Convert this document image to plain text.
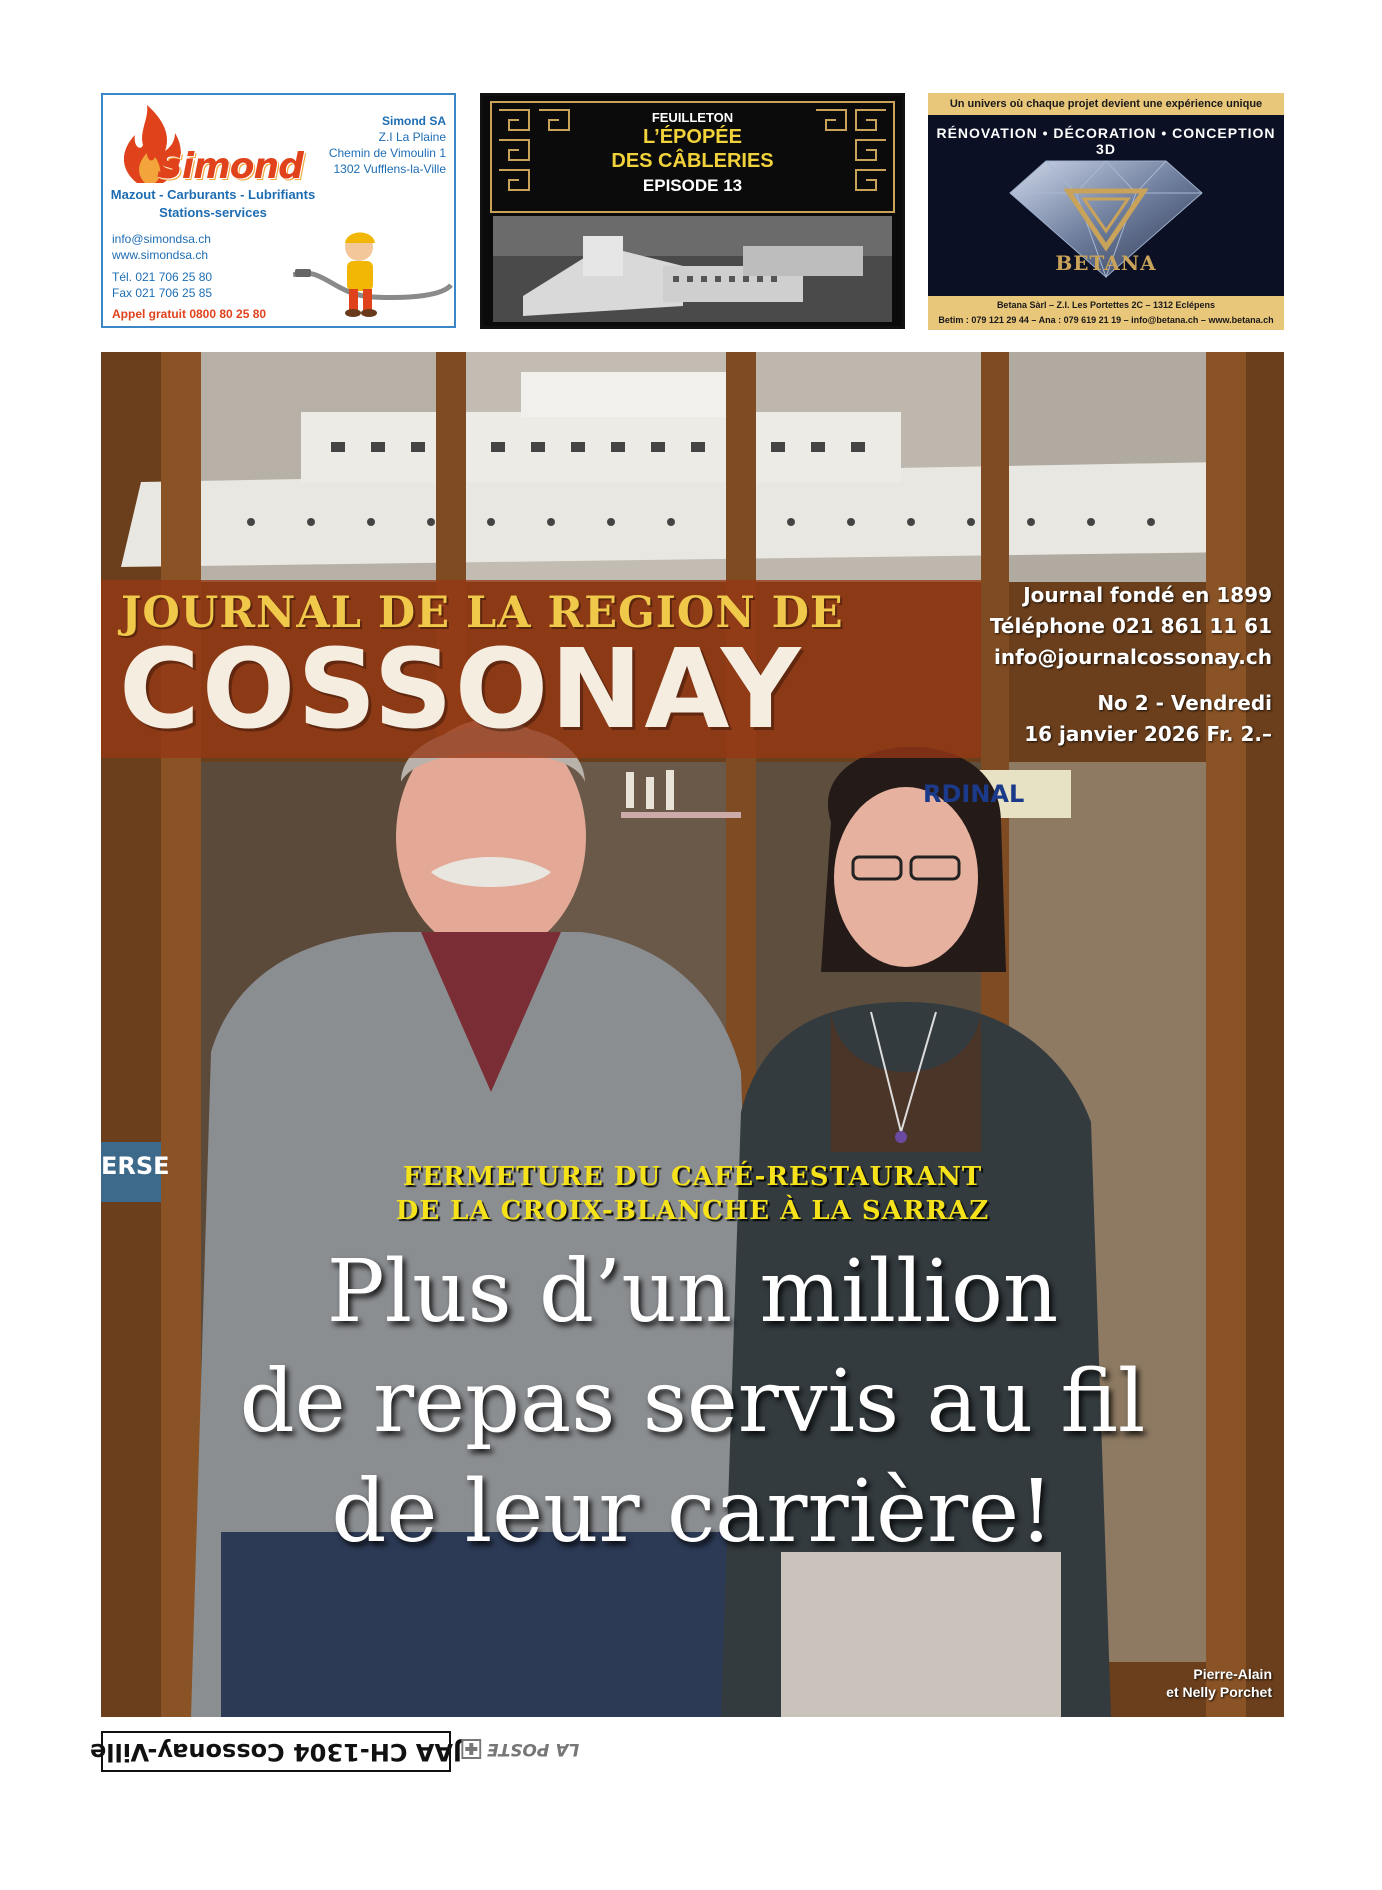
Simond
Simond SA
Z.I La Plaine
Chemin de Vimoulin 1
1302 Vufflens-la-Ville
Mazout - Carburants - Lubrifiants
Stations-services
info@simondsa.ch
www.simondsa.ch
Tél. 021 706 25 80
Fax 021 706 25 85
Appel gratuit 0800 80 25 80
FEUILLETON
L’ÉPOPÉE
DES CÂBLERIES
EPISODE 13
Un univers où chaque projet devient une expérience unique
RÉNOVATION • DÉCORATION • CONCEPTION 3D
BETANA
Betana Sàrl – Z.I. Les Portettes 2C – 1312 Eclépens
Betim : 079 121 29 44 – Ana : 079 619 21 19 – info@betana.ch – www.betana.ch
JOURNAL DE LA REGION DE
COSSONAY
Journal fondé en 1899
Téléphone 021 861 11 61
info@journalcossonay.ch
No 2 - Vendredi
16 janvier 2026 Fr. 2.–
RDINAL
ERSE	FERMETURE DU CAFÉ-RESTAURANT
DE LA CROIX-BLANCHE À LA SARRAZ
Plus d’un million
de repas servis au fil
de leur carrière!
Pierre-Alain
et Nelly Porchet
JAA CH-1304 Cossonay-Ville LA POSTE
